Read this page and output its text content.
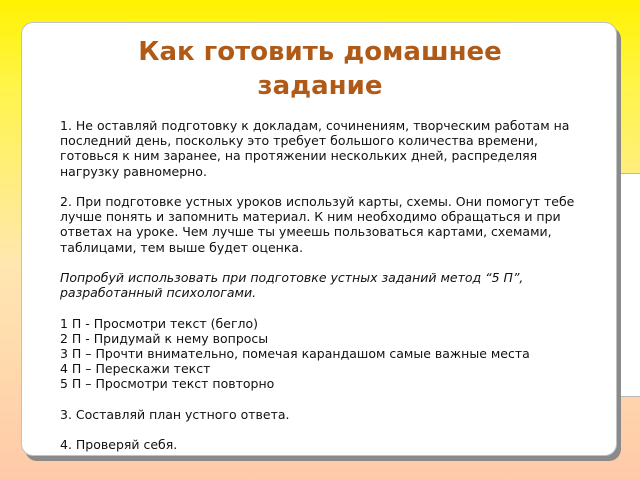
Как готовить домашнее
задание

1. Не оставляй подготовку к докладам, сочинениям, творческим работам на последний день, поскольку это требует большого количества времени, готовься к ним заранее, на протяжении нескольких дней, распределяя нагрузку равномерно.

2. При подготовке устных уроков используй карты, схемы. Они помогут тебе лучше понять и запомнить материал. К ним необходимо обращаться и при ответах на уроке. Чем лучше ты умеешь пользоваться картами, схемами, таблицами, тем выше будет оценка.

Попробуй использовать при подготовке устных заданий метод “5 П”, разработанный психологами.

1 П - Просмотри текст (бегло)

2 П - Придумай к нему вопросы

3 П – Прочти внимательно, помечая карандашом самые важные места

4 П – Перескажи текст

5 П – Просмотри текст повторно

3. Составляй план устного ответа.

4. Проверяй себя.
